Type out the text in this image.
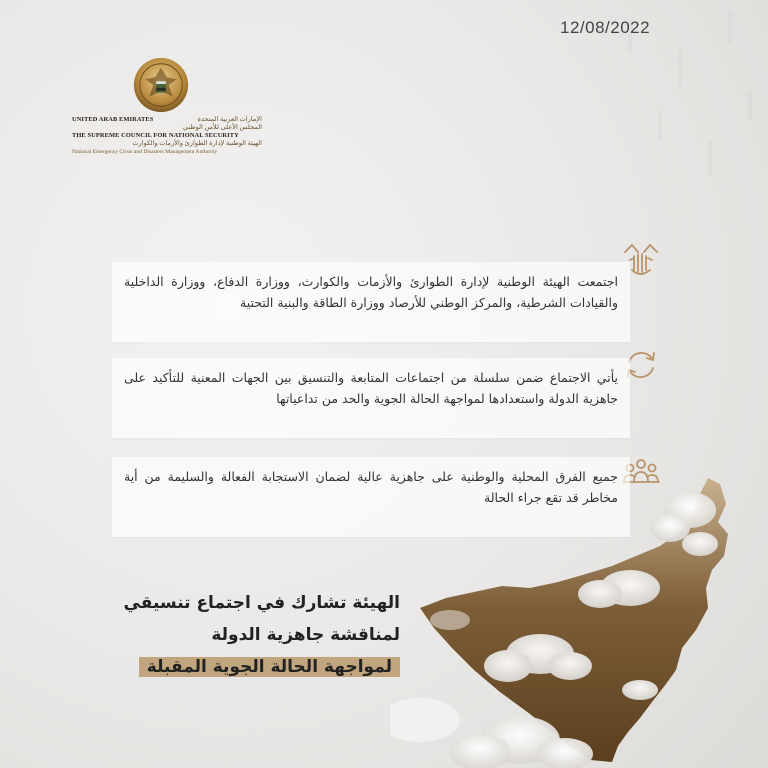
12/08/2022
UNITED ARAB EMIRATES	الإمارات العربية المتحدة
المجلس الأعلى للأمن الوطني
THE SUPREME COUNCIL FOR NATIONAL SECURITY
الهيئة الوطنية لإدارة الطوارئ والأزمات والكوارث
National Emergency Crisis and Disasters Management Authority

اجتمعت الهيئة الوطنية لإدارة الطوارئ والأزمات والكوارث، ووزارة الدفاع، ووزارة الداخلية والقيادات الشرطية، والمركز الوطني للأرصاد ووزارة الطاقة والبنية التحتية

يأتي الاجتماع ضمن سلسلة من اجتماعات المتابعة والتنسيق بين الجهات المعنية للتأكيد على جاهزية الدولة واستعدادها لمواجهة الحالة الجوية والحد من تداعياتها

جميع الفرق المحلية والوطنية على جاهزية عالية لضمان الاستجابة الفعالة والسليمة من أية مخاطر قد تقع جراء الحالة

الهيئة تشارك في اجتماع تنسيقي
لمناقشة جاهزية الدولة
لمواجهة الحالة الجوية المقبلة
